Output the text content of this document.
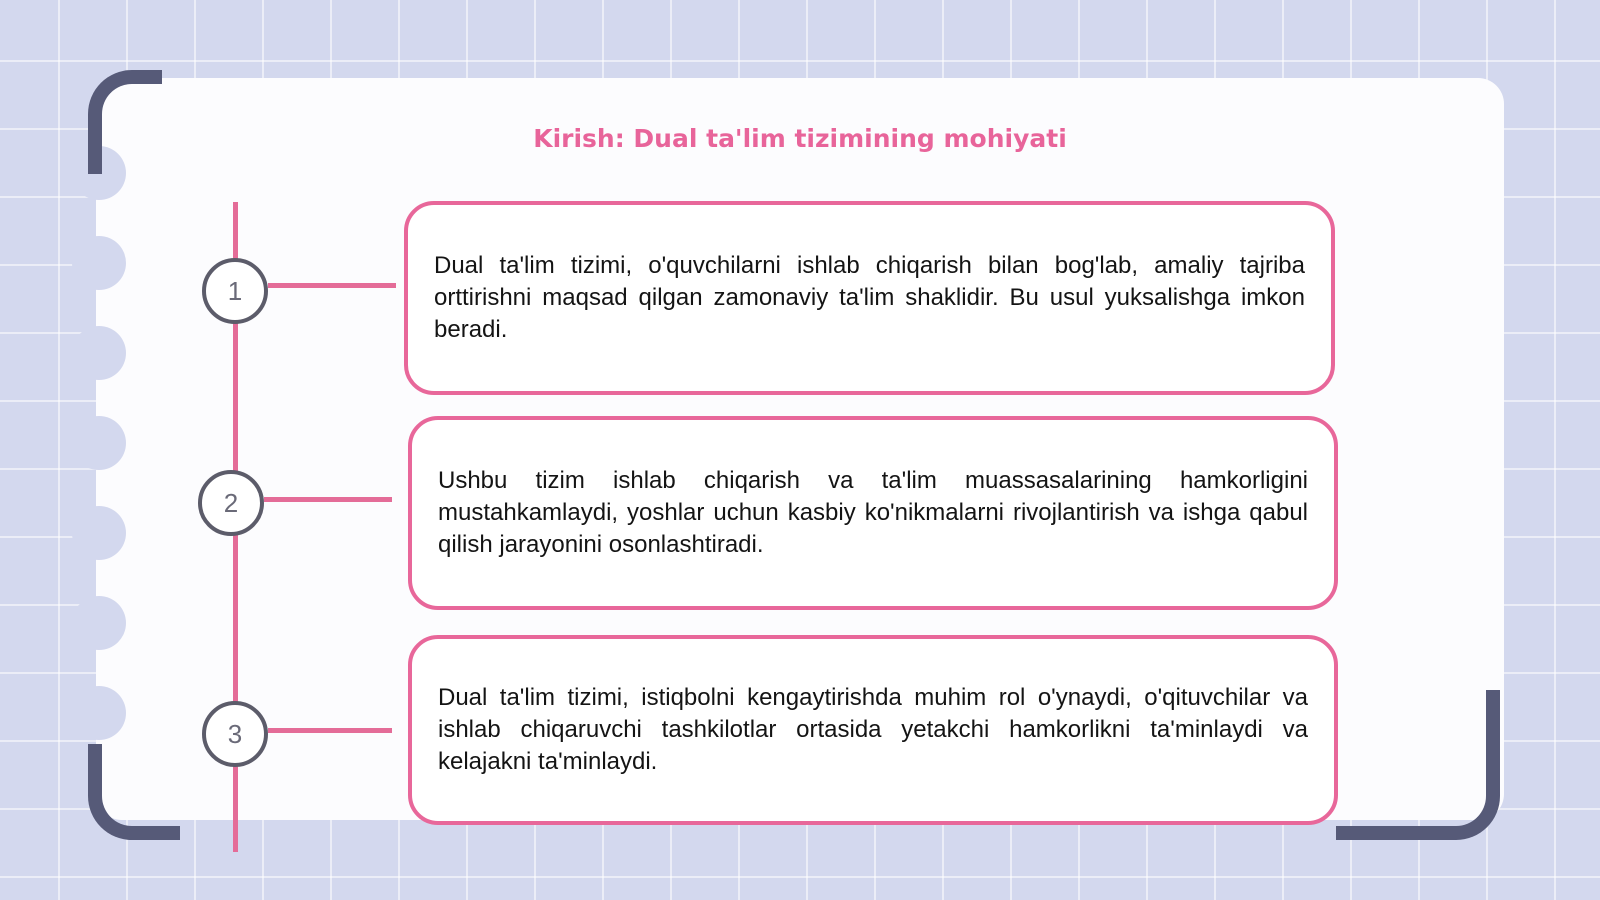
Kirish: Dual ta'lim tizimining mohiyati
1
2
3

Dual ta'lim tizimi, o'quvchilarni ishlab chiqarish bilan bog'lab, amaliy tajriba orttirishni maqsad qilgan zamonaviy ta'lim shaklidir. Bu usul yuksalishga imkon beradi.

Ushbu tizim ishlab chiqarish va ta'lim muassasalarining hamkorligini mustahkamlaydi, yoshlar uchun kasbiy ko'nikmalarni rivojlantirish va ishga qabul qilish jarayonini osonlashtiradi.

Dual ta'lim tizimi, istiqbolni kengaytirishda muhim rol o'ynaydi, o'qituvchilar va ishlab chiqaruvchi tashkilotlar ortasida yetakchi hamkorlikni ta'minlaydi va kelajakni ta'minlaydi.
